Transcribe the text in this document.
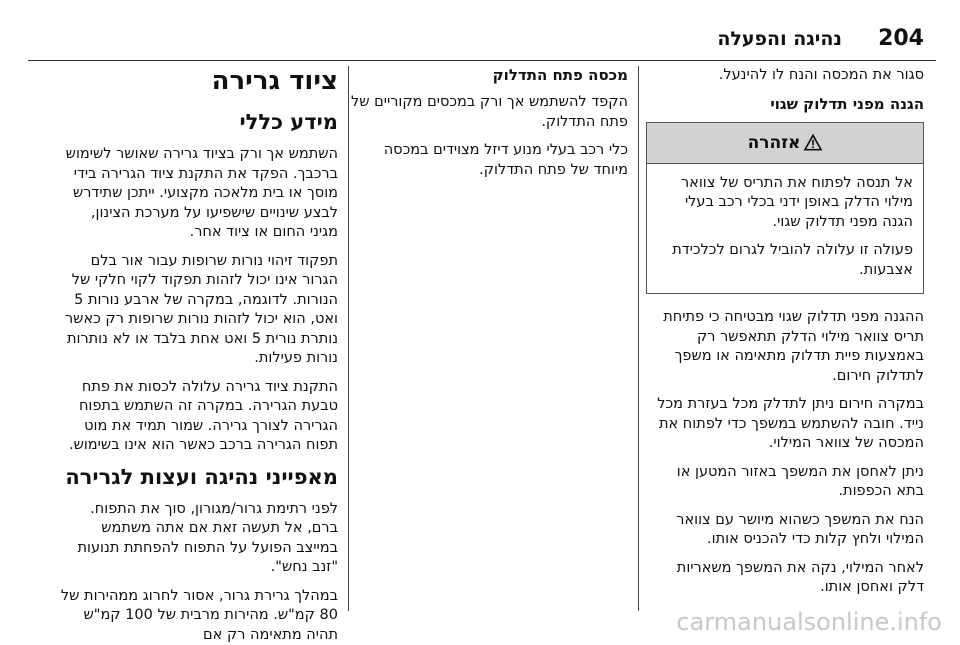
204
נהיגה והפעלה

סגור את המכסה והנח לו להינעל.

הגנה מפני תדלוק שגוי
אזהרה

אל תנסה לפתוח את התריס של צוואר מילוי הדלק באופן ידני בכלי רכב בעלי הגנה מפני תדלוק שגוי.

פעולה זו עלולה להוביל לגרום לכלכידת אצבעות.

ההגנה מפני תדלוק שגוי מבטיחה כי פתיחת תריס צוואר מילוי הדלק תתאפשר רק באמצעות פיית תדלוק מתאימה או משפך לתדלוק חירום.

במקרה חירום ניתן לתדלק מכל בעזרת מכל נייד. חובה להשתמש במשפך כדי לפתוח את המכסה של צוואר המילוי.

ניתן לאחסן את המשפך באזור המטען או בתא הכפפות.

הנח את המשפך כשהוא מיושר עם צוואר המילוי ולחץ קלות כדי להכניס אותו.

לאחר המילוי, נקה את המשפך משאריות דלק ואחסן אותו.

מכסה פתח התדלוק

הקפד להשתמש אך ורק במכסים מקוריים של פתח התדלוק.

כלי רכב בעלי מנוע דיזל מצוידים במכסה מיוחד של פתח התדלוק.

ציוד גרירה
מידע כללי

השתמש אך ורק בציוד גרירה שאושר לשימוש ברכבך. הפקד את התקנת ציוד הגרירה בידי מוסך או בית מלאכה מקצועי. ייתכן שתידרש לבצע שינויים שישפיעו על מערכת הצינון, מגיני החום או ציוד אחר.

תפקוד זיהוי נורות שרופות עבור אור בלם הגרור אינו יכול לזהות תפקוד לקוי חלקי של הנורות. לדוגמה, במקרה של ארבע נורות 5 ואט, הוא יכול לזהות נורות שרופות רק כאשר נותרת נורית 5 ואט אחת בלבד או לא נותרות נורות פעילות.

התקנת ציוד גרירה עלולה לכסות את פתח טבעת הגרירה. במקרה זה השתמש בתפוח הגרירה לצורך גרירה. שמור תמיד את מוט תפוח הגרירה ברכב כאשר הוא אינו בשימוש.

מאפייני נהיגה ועצות לגרירה

לפני רתימת גרור/מגורון, סוך את התפוח. ברם, אל תעשה זאת אם אתה משתמש במייצב הפועל על התפוח להפחתת תנועות "זנב נחש".

במהלך גרירת גרור, אסור לחרוג ממהירות של 80 קמ"ש. מהירות מרבית של 100 קמ"ש תהיה מתאימה רק אם	carmanualsonline.info
